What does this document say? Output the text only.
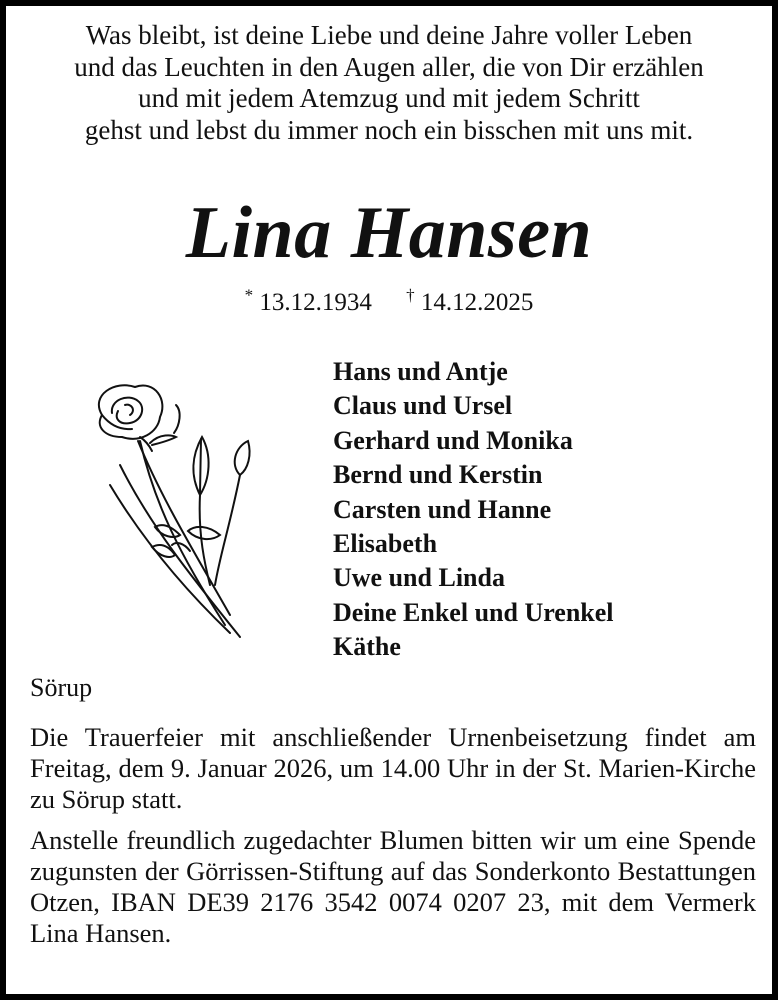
Was bleibt, ist deine Liebe und deine Jahre voller Leben
und das Leuchten in den Augen aller, die von Dir erzählen
und mit jedem Atemzug und mit jedem Schritt
gehst und lebst du immer noch ein bisschen mit uns mit.
Lina Hansen
* 13.12.1934 † 14.12.2025
Hans und Antje
Claus und Ursel
Gerhard und Monika
Bernd und Kerstin
Carsten und Hanne
Elisabeth
Uwe und Linda
Deine Enkel und Urenkel
Käthe
Sörup
Die Trauerfeier mit anschließender Urnenbeisetzung findet am Freitag, dem 9. Januar 2026, um 14.00 Uhr in der St. Marien-Kirche zu Sörup statt.
Anstelle freundlich zugedachter Blumen bitten wir um eine Spende zugunsten der Görrissen-Stiftung auf das Sonderkonto Bestattungen Otzen, IBAN DE39 2176 3542 0074 0207 23, mit dem Vermerk Lina Hansen.
